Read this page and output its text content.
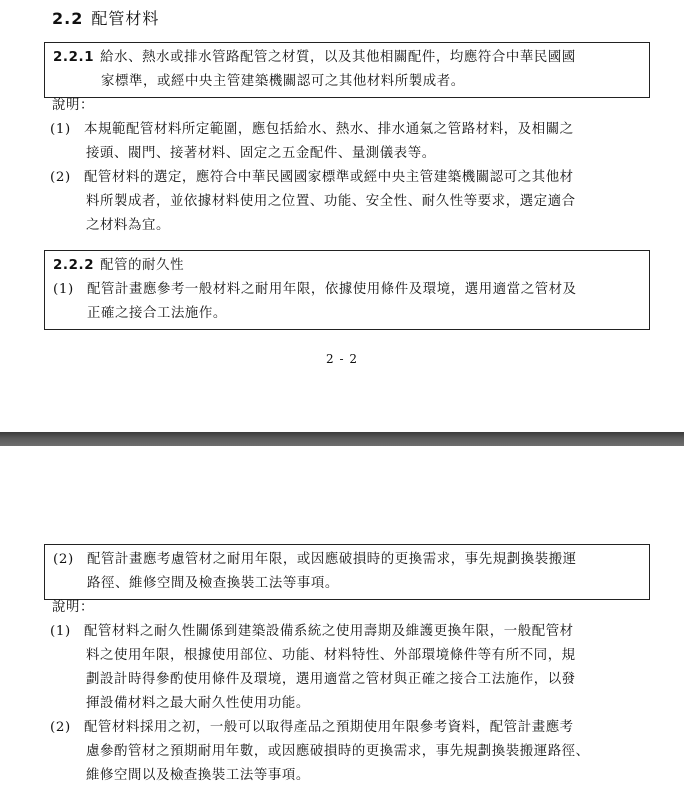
2.2 配管材料
2.2.1 給水、熱水或排水管路配管之材質，以及其他相關配件，均應符合中華民國國
家標準，或經中央主管建築機關認可之其他材料所製成者。
說明：
(1) 本規範配管材料所定範圍，應包括給水、熱水、排水通氣之管路材料，及相關之
接頭、閥門、接著材料、固定之五金配件、量測儀表等。
(2) 配管材料的選定，應符合中華民國國家標準或經中央主管建築機關認可之其他材
料所製成者，並依據材料使用之位置、功能、安全性、耐久性等要求，選定適合
之材料為宜。
2.2.2 配管的耐久性
(1) 配管計畫應參考一般材料之耐用年限，依據使用條件及環境，選用適當之管材及
正確之接合工法施作。
2 - 2
(2) 配管計畫應考慮管材之耐用年限，或因應破損時的更換需求，事先規劃換裝搬運
路徑、維修空間及檢查換裝工法等事項。
說明：
(1) 配管材料之耐久性關係到建築設備系統之使用壽期及維護更換年限，一般配管材
料之使用年限，根據使用部位、功能、材料特性、外部環境條件等有所不同，規
劃設計時得參酌使用條件及環境，選用適當之管材與正確之接合工法施作，以發
揮設備材料之最大耐久性使用功能。
(2) 配管材料採用之初，一般可以取得產品之預期使用年限參考資料，配管計畫應考
慮參酌管材之預期耐用年數，或因應破損時的更換需求，事先規劃換裝搬運路徑、
維修空間以及檢查換裝工法等事項。
